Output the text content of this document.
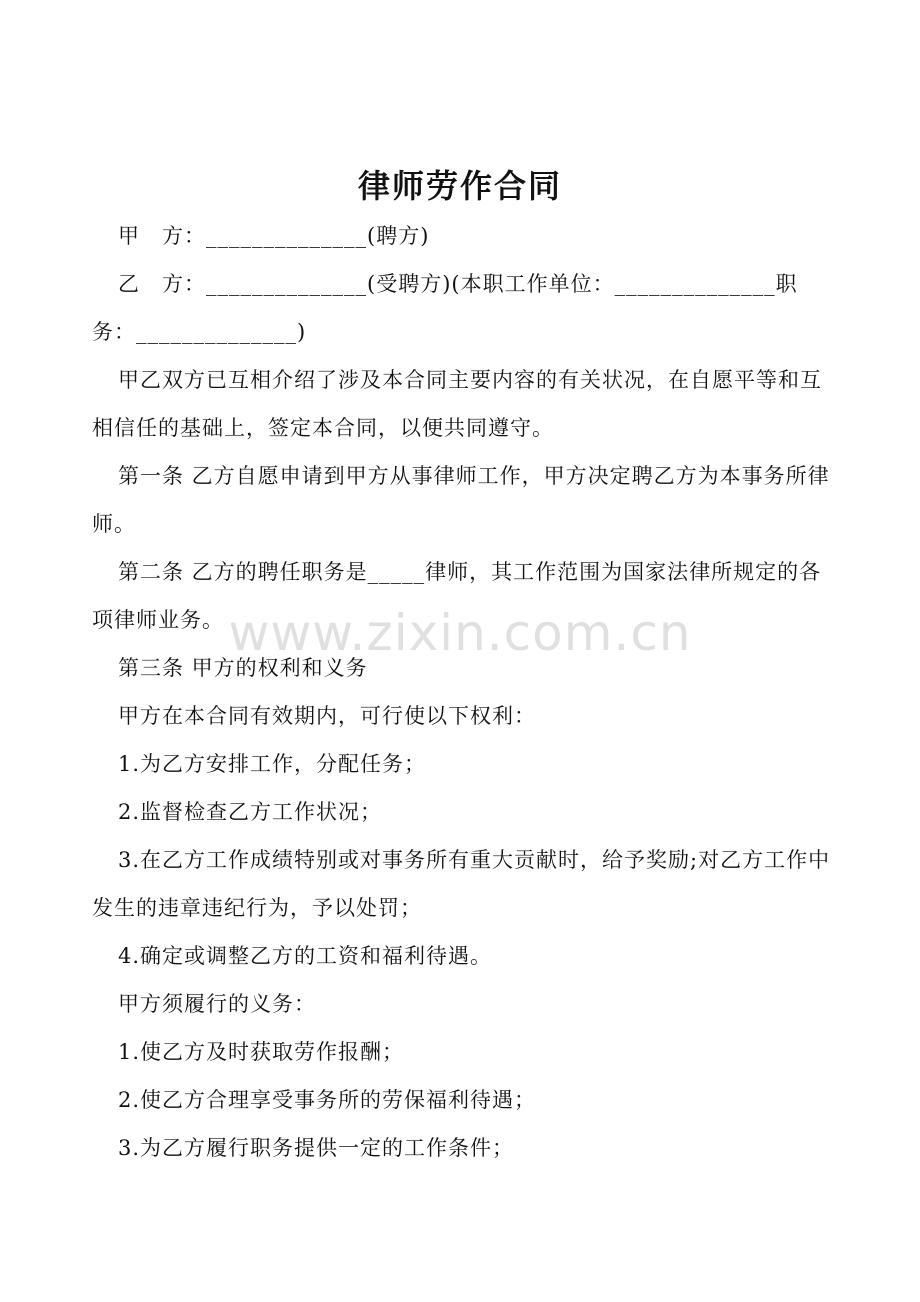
律师劳作合同

甲　方：______________(聘方)

乙　方：______________(受聘方)(本职工作单位：______________职务：______________)

甲乙双方已互相介绍了涉及本合同主要内容的有关状况，在自愿平等和互相信任的基础上，签定本合同，以便共同遵守。

第一条 乙方自愿申请到甲方从事律师工作，甲方决定聘乙方为本事务所律师。

第二条 乙方的聘任职务是_____律师，其工作范围为国家法律所规定的各项律师业务。

第三条 甲方的权利和义务

甲方在本合同有效期内，可行使以下权利：

1.为乙方安排工作，分配任务；

2.监督检查乙方工作状况；

3.在乙方工作成绩特别或对事务所有重大贡献时，给予奖励;对乙方工作中发生的违章违纪行为，予以处罚；

4.确定或调整乙方的工资和福利待遇。

甲方须履行的义务：

1.使乙方及时获取劳作报酬；

2.使乙方合理享受事务所的劳保福利待遇；

3.为乙方履行职务提供一定的工作条件；

www.zixin.com.cn
